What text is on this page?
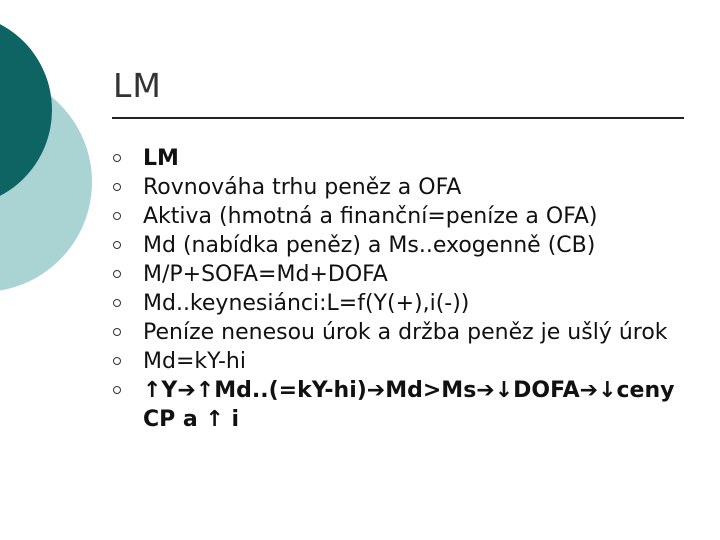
LM
LM
Rovnováha trhu peněz a OFA
Aktiva (hmotná a finanční=peníze a OFA)
Md (nabídka peněz) a Ms..exogenně (CB)
M/P+SOFA=Md+DOFA
Md..keynesiánci:L=f(Y(+),i(-))
Peníze nenesou úrok a držba peněz je ušlý úrok
Md=kY-hi
↑Y➔↑Md..(=kY-hi)➔Md>Ms➔↓DOFA➔↓ceny CP a ↑ i
